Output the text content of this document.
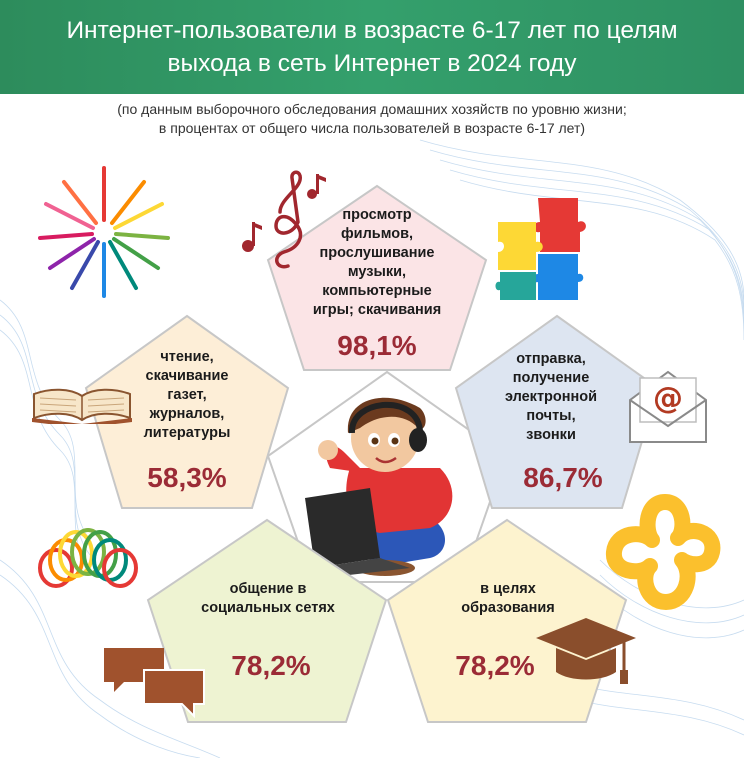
Интернет-пользователи в возрасте 6-17 лет по целям
выхода в сеть Интернет в 2024 году
(по данным выборочного обследования домашних хозяйств по уровню жизни;
в процентах от общего числа пользователей в возрасте 6-17 лет)
просмотр
фильмов,
прослушивание
музыки,
компьютерные
игры; скачивания
98,1%
чтение,
скачивание
газет,
журналов,
литературы
58,3%
отправка,
получение
электронной
почты,
звонки
86,7%
общение в
социальных сетях
78,2%
в целях
образования
78,2%
@
